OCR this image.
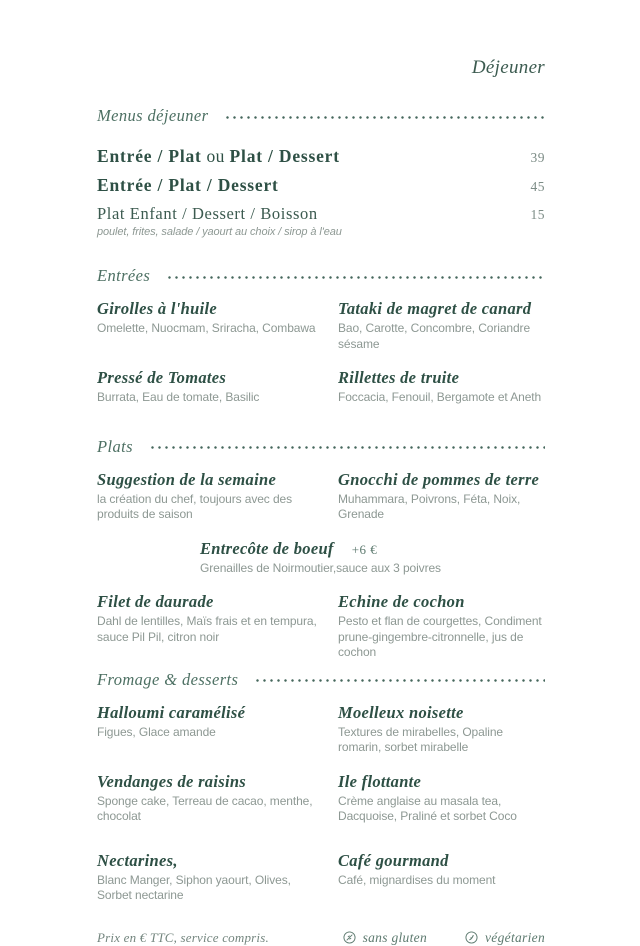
Déjeuner
Menus déjeuner
Entrée / Plat ou Plat / Dessert	39
Entrée / Plat / Dessert	45
Plat Enfant / Dessert / Boisson	15
poulet, frites, salade / yaourt au choix / sirop à l'eau
Entrées
Girolles à l'huile
Omelette, Nuocmam, Sriracha, Combawa
Tataki de magret de canard
Bao, Carotte, Concombre, Coriandre sésame
Pressé de Tomates
Burrata, Eau de tomate, Basilic
Rillettes de truite
Foccacia, Fenouil, Bergamote et Aneth
Plats
Suggestion de la semaine
la création du chef, toujours avec des produits de saison
Gnocchi de pommes de terre
Muhammara, Poivrons, Féta, Noix, Grenade
Entrecôte de boeuf +6 €
Grenailles de Noirmoutier,sauce aux 3 poivres
Filet de daurade
Dahl de lentilles, Maïs frais et en tempura, sauce Pil Pil, citron noir
Echine de cochon
Pesto et flan de courgettes, Condiment prune-gingembre-citronnelle, jus de cochon
Fromage & desserts
Halloumi caramélisé
Figues, Glace amande
Moelleux noisette
Textures de mirabelles, Opaline romarin, sorbet mirabelle
Vendanges de raisins
Sponge cake, Terreau de cacao, menthe, chocolat
Ile flottante
Crème anglaise au masala tea, Dacquoise, Praliné et sorbet Coco
Nectarines,
Blanc Manger, Siphon yaourt, Olives, Sorbet nectarine
Café gourmand
Café, mignardises du moment
Prix en € TTC, service compris.	sans gluten	végétarien
